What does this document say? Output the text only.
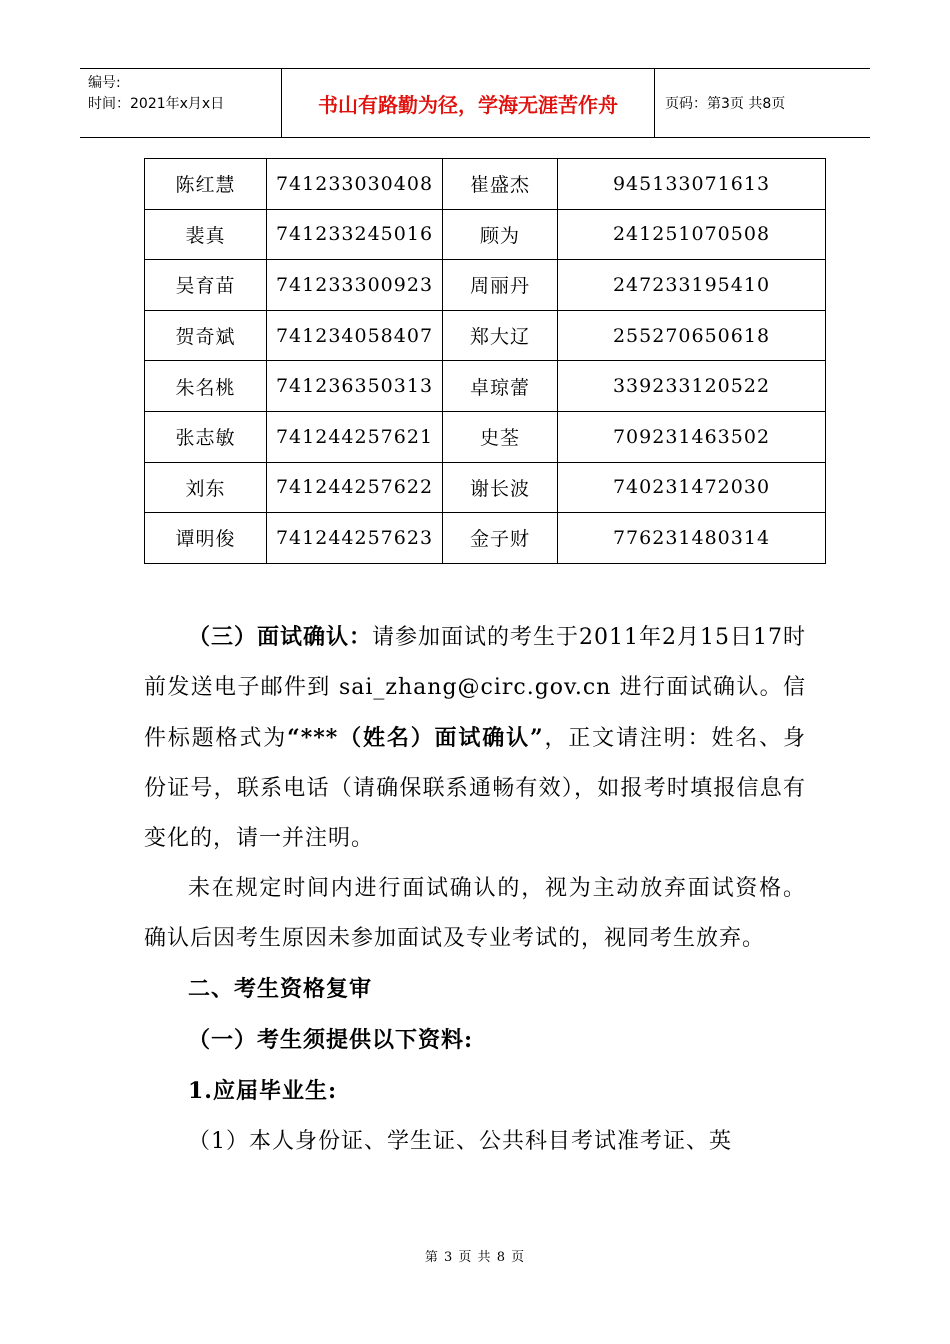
编号:
时间：2021年x月x日	书山有路勤为径，学海无涯苦作舟	页码：第3页 共8页
陈红慧	741233030408	崔盛杰	945133071613
裴真	741233245016	顾为	241251070508
吴育苗	741233300923	周丽丹	247233195410
贺奇斌	741234058407	郑大辽	255270650618
朱名桃	741236350313	卓琼蕾	339233120522
张志敏	741244257621	史荃	709231463502
刘东	741244257622	谢长波	740231472030
谭明俊	741244257623	金子财	776231480314

（三）面试确认：请参加面试的考生于2011年2月15日17时前发送电子邮件到 sai_zhang@circ.gov.cn 进行面试确认。信件标题格式为“***（姓名）面试确认”，正文请注明：姓名、身份证号，联系电话（请确保联系通畅有效），如报考时填报信息有变化的，请一并注明。

未在规定时间内进行面试确认的，视为主动放弃面试资格。确认后因考生原因未参加面试及专业考试的，视同考生放弃。

二、考生资格复审

（一）考生须提供以下资料:

1.应届毕业生:

（1）本人身份证、学生证、公共科目考试准考证、英

第 3 页 共 8 页
